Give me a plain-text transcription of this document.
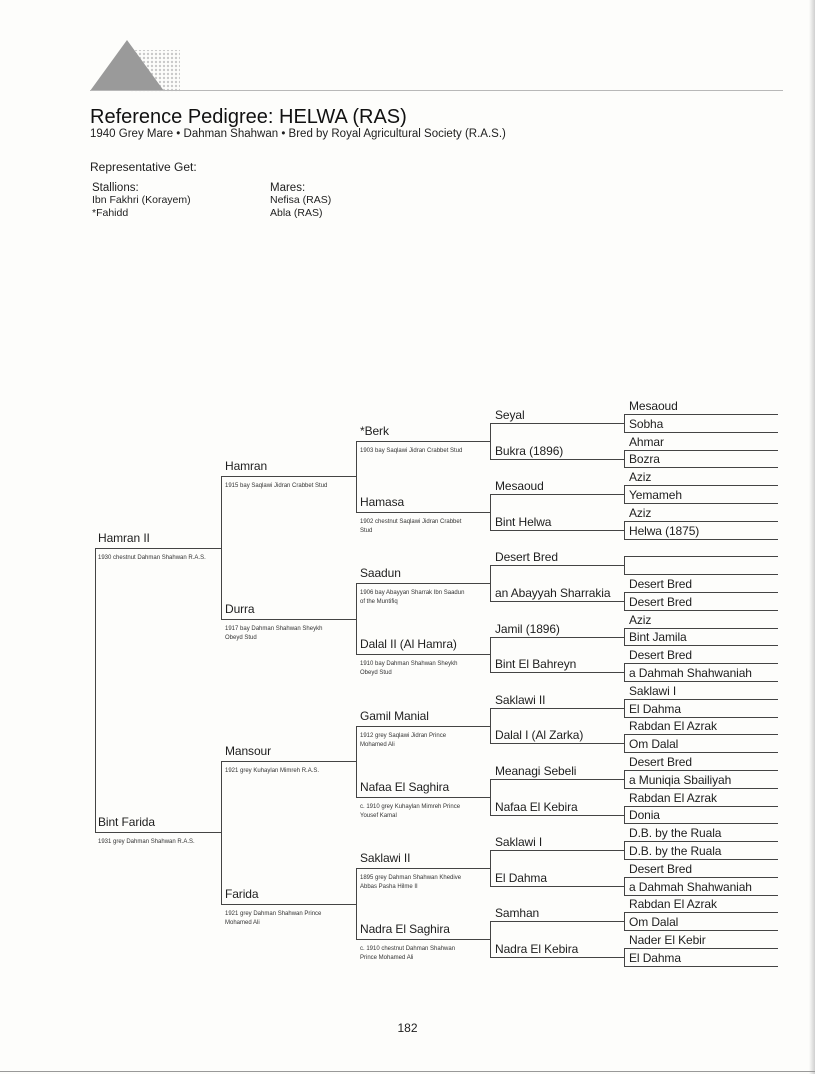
Reference Pedigree: HELWA (RAS)
1940 Grey Mare • Dahman Shahwan • Bred by Royal Agricultural Society (R.A.S.)
Representative Get:
Stallions:
Ibn Fakhri (Korayem)
*Fahidd
Mares:
Nefisa (RAS)
Abla (RAS)
Mesaoud
Sobha
Ahmar
Bozra
Aziz
Yemameh
Aziz
Helwa (1875)
Desert Bred
Desert Bred
Aziz
Bint Jamila
Desert Bred
a Dahmah Shahwaniah
Saklawi I
El Dahma
Rabdan El Azrak
Om Dalal
Desert Bred
a Muniqia Sbailiyah
Rabdan El Azrak
Donia
D.B. by the Ruala
D.B. by the Ruala
Desert Bred
a Dahmah Shahwaniah
Rabdan El Azrak
Om Dalal
Nader El Kebir
El Dahma
Seyal
Bukra (1896)
Mesaoud
Bint Helwa
Desert Bred
an Abayyah Sharrakia
Jamil (1896)
Bint El Bahreyn
Saklawi II
Dalal I (Al Zarka)
Meanagi Sebeli
Nafaa El Kebira
Saklawi I
El Dahma
Samhan
Nadra El Kebira
*Berk
1903 bay Saqlawi Jidran Crabbet Stud
Hamasa
1902 chestnut Saqlawi Jidran Crabbet Stud
Saadun
1906 bay Abayyan Sharrak Ibn Saadun of the Muntifiq
Dalal II (Al Hamra)
1910 bay Dahman Shahwan Sheykh Obeyd Stud
Gamil Manial
1912 grey Saqlawi Jidran Prince Mohamed Ali
Nafaa El Saghira
c. 1910 grey Kuhaylan Mimreh Prince Yousef Kamal
Saklawi II
1895 grey Dahman Shahwan Khedive Abbas Pasha Hilme II
Nadra El Saghira
c. 1910 chestnut Dahman Shahwan Prince Mohamed Ali
Hamran
1915 bay Saqlawi Jidran Crabbet Stud
Durra
1917 bay Dahman Shahwan Sheykh Obeyd Stud
Mansour
1921 grey Kuhaylan Mimreh R.A.S.
Farida
1921 grey Dahman Shahwan Prince Mohamed Ali
Hamran II
1930 chestnut Dahman Shahwan R.A.S.
Bint Farida
1931 grey Dahman Shahwan R.A.S.
182
